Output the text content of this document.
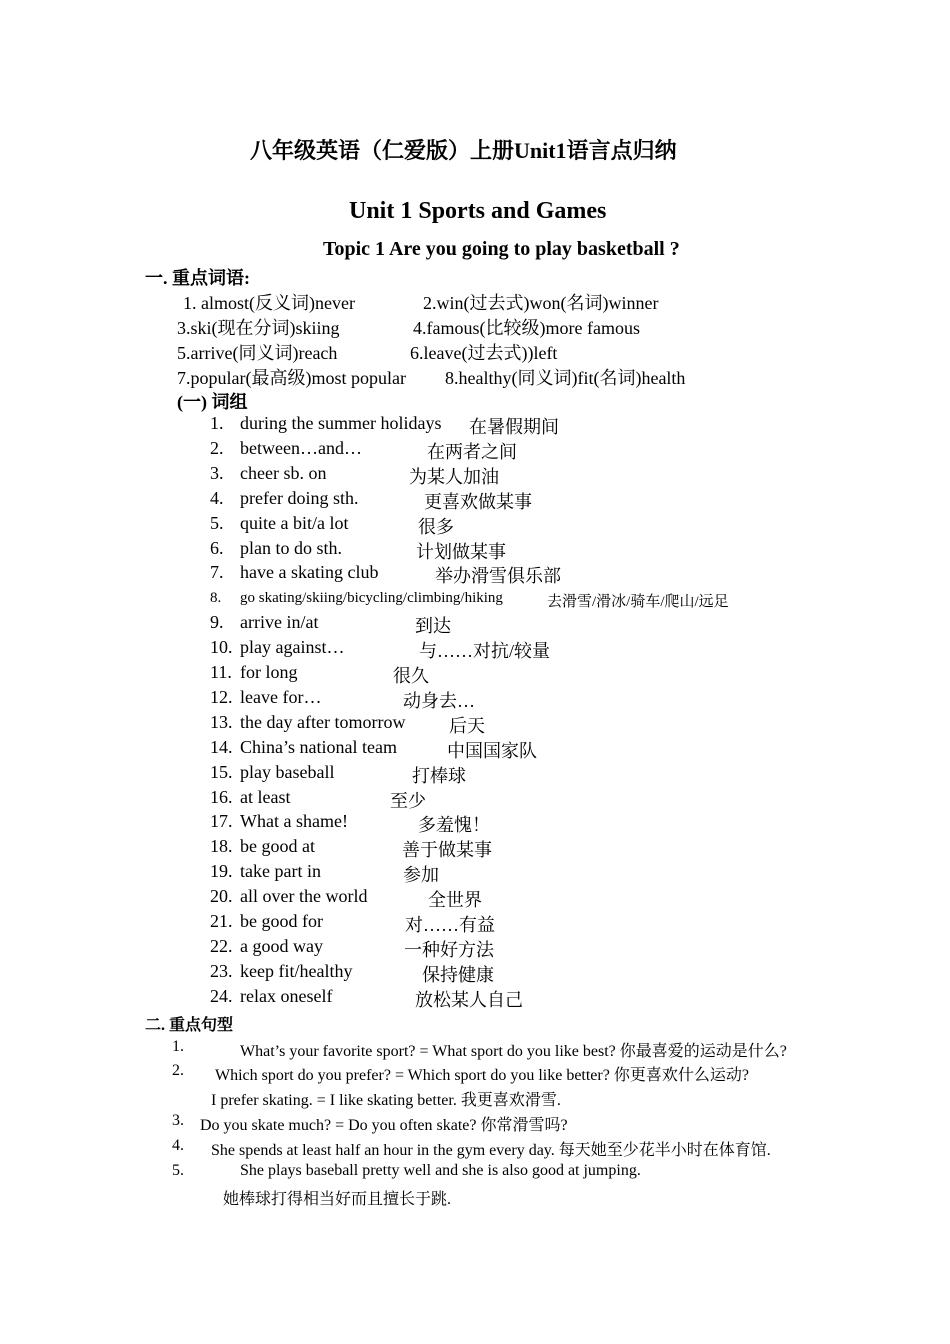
八年级英语（仁爱版）上册Unit1语言点归纳
Unit 1 Sports and Games
Topic 1 Are you going to play basketball ?
一. 重点词语:
1. almost(反义词)never	2.win(过去式)won(名词)winner
3.ski(现在分词)skiing	4.famous(比较级)more famous
5.arrive(同义词)reach	6.leave(过去式))left
7.popular(最高级)most popular 8.healthy(同义词)fit(名词)health
(一) 词组
1. during the summer holidays 在暑假期间
2. between…and…	在两者之间
3. cheer sb. on	为某人加油
4. prefer doing sth.	更喜欢做某事
5. quite a bit/a lot	很多
6. plan to do sth.	计划做某事
7. have a skating club	举办滑雪俱乐部
8. go skating/skiing/bicycling/climbing/hiking	去滑雪/滑冰/骑车/爬山/远足
9. arrive in/at	到达
10. play against…	与……对抗/较量
11. for long	很久
12. leave for…	动身去…
13. the day after tomorrow 后天
14. China’s national team	中国国家队
15. play baseball	打棒球
16. at least	至少
17. What a shame!	多羞愧！
18. be good at	善于做某事
19. take part in	参加
20. all over the world	全世界
21. be good for	对……有益
22. a good way	一种好方法
23. keep fit/healthy	保持健康
24. relax oneself	放松某人自己
二. 重点句型
1.	What’s your favorite sport? = What sport do you like best? 你最喜爱的运动是什么?
2. Which sport do you prefer? = Which sport do you like better? 你更喜欢什么运动?
I prefer skating. = I like skating better. 我更喜欢滑雪.
3. Do you skate much? = Do you often skate? 你常滑雪吗?
4. She spends at least half an hour in the gym every day. 每天她至少花半小时在体育馆.
5.	She plays baseball pretty well and she is also good at jumping.
她棒球打得相当好而且擅长于跳.
